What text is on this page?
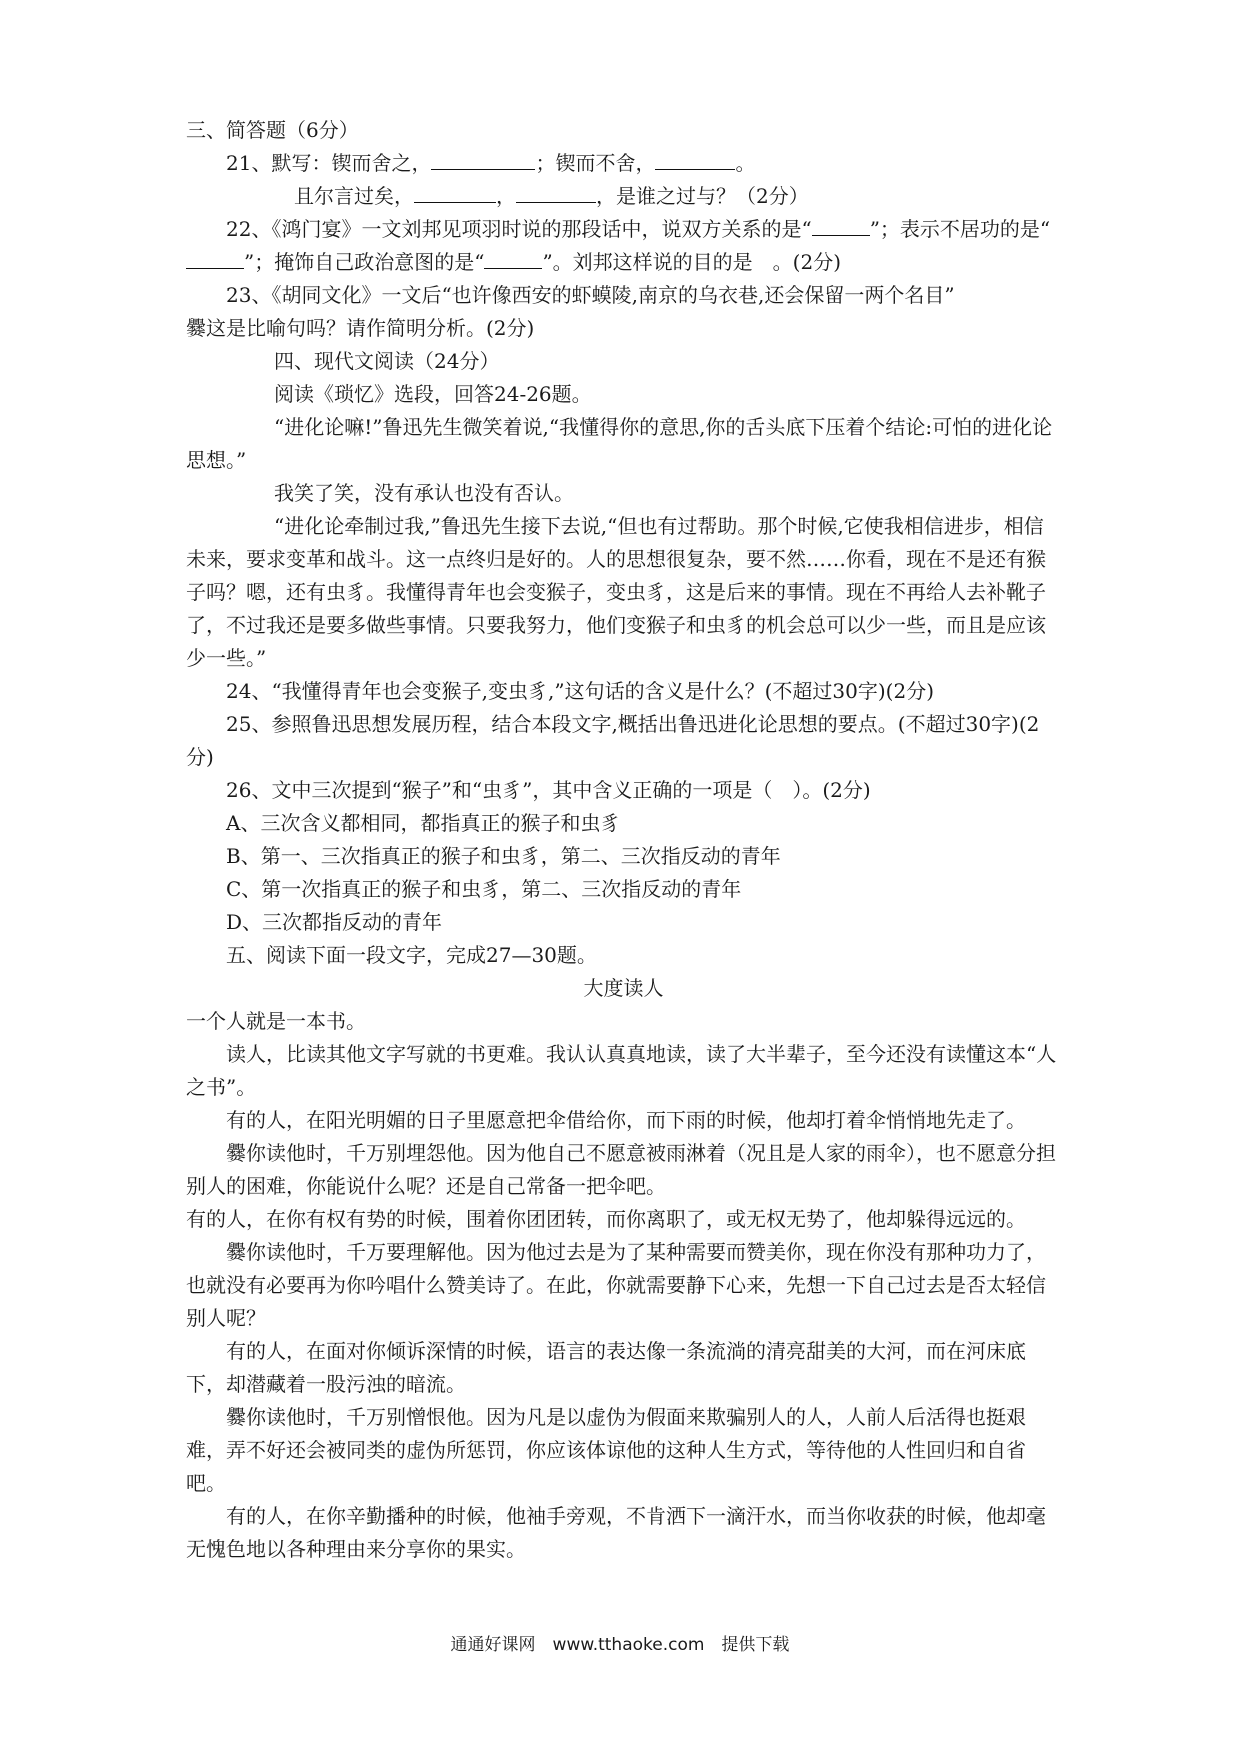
三、简答题（6分）

21、默写：锲而舍之，	；锲而不舍，	。

且尔言过矣，	，	，是谁之过与？（2分）

22、《鸿门宴》一文刘邦见项羽时说的那段话中，说双方关系的是“	”；表示不居功的是“”；掩饰自己政治意图的是“	”。刘邦这样说的目的是　。(2分)

23、《胡同文化》一文后“也许像西安的虾蟆陵,南京的乌衣巷,还会保留一两个名目”

爨这是比喻句吗？请作简明分析。(2分)

四、现代文阅读（24分）

阅读《琐忆》选段，回答24-26题。

“进化论嘛!”鲁迅先生微笑着说,“我懂得你的意思,你的舌头底下压着个结论:可怕的进化论思想。”

我笑了笑，没有承认也没有否认。

“进化论牵制过我,”鲁迅先生接下去说,“但也有过帮助。那个时候,它使我相信进步，相信未来，要求变革和战斗。这一点终归是好的。人的思想很复杂，要不然……你看，现在不是还有猴子吗？嗯，还有虫豸。我懂得青年也会变猴子，变虫豸，这是后来的事情。现在不再给人去补靴子了，不过我还是要多做些事情。只要我努力，他们变猴子和虫豸的机会总可以少一些，而且是应该少一些。”

24、“我懂得青年也会变猴子,变虫豸,”这句话的含义是什么？(不超过30字)(2分)

25、参照鲁迅思想发展历程，结合本段文字,概括出鲁迅进化论思想的要点。(不超过30字)(2分)

26、文中三次提到“猴子”和“虫豸”，其中含义正确的一项是（　）。(2分)

A、三次含义都相同，都指真正的猴子和虫豸

B、第一、三次指真正的猴子和虫豸，第二、三次指反动的青年

C、第一次指真正的猴子和虫豸，第二、三次指反动的青年

D、三次都指反动的青年

五、阅读下面一段文字，完成27—30题。

大度读人

一个人就是一本书。

读人，比读其他文字写就的书更难。我认认真真地读，读了大半辈子，至今还没有读懂这本“人之书”。

有的人，在阳光明媚的日子里愿意把伞借给你，而下雨的时候，他却打着伞悄悄地先走了。

爨你读他时，千万别埋怨他。因为他自己不愿意被雨淋着（况且是人家的雨伞），也不愿意分担别人的困难，你能说什么呢？还是自己常备一把伞吧。

有的人，在你有权有势的时候，围着你团团转，而你离职了，或无权无势了，他却躲得远远的。

爨你读他时，千万要理解他。因为他过去是为了某种需要而赞美你，现在你没有那种功力了，也就没有必要再为你吟唱什么赞美诗了。在此，你就需要静下心来，先想一下自己过去是否太轻信别人呢？

有的人，在面对你倾诉深情的时候，语言的表达像一条流淌的清亮甜美的大河，而在河床底下，却潜藏着一股污浊的暗流。

爨你读他时，千万别憎恨他。因为凡是以虚伪为假面来欺骗别人的人，人前人后活得也挺艰难，弄不好还会被同类的虚伪所惩罚，你应该体谅他的这种人生方式，等待他的人性回归和自省吧。

有的人，在你辛勤播种的时候，他袖手旁观，不肯洒下一滴汗水，而当你收获的时候，他却毫无愧色地以各种理由来分享你的果实。

通通好课网　www.tthaoke.com　提供下载
